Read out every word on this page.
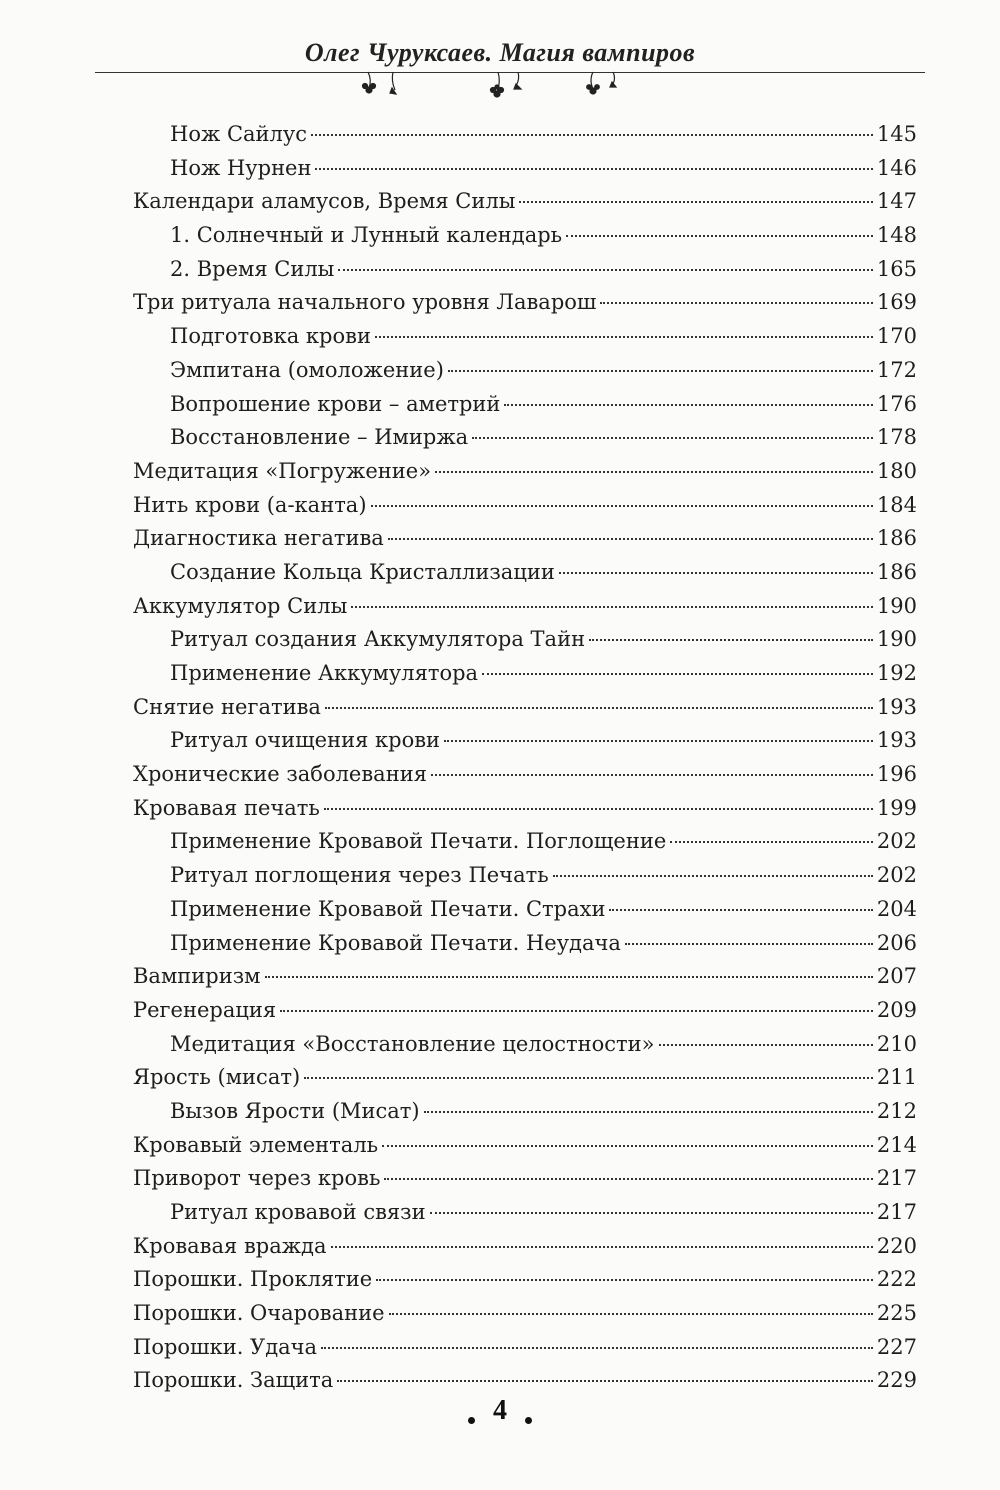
Олег Чуруксаев. Магия вампиров
Нож Сайлус	145
Нож Нурнен	146
Календари аламусов, Время Силы	147
1. Солнечный и Лунный календарь	148
2. Время Силы	165
Три ритуала начального уровня Лаварош	169
Подготовка крови	170
Эмпитана (омоложение)	172
Вопрошение крови – аметрий	176
Восстановление – Имиржа	178
Медитация «Погружение»	180
Нить крови (а-канта)	184
Диагностика негатива	186
Создание Кольца Кристаллизации	186
Аккумулятор Силы	190
Ритуал создания Аккумулятора Тайн	190
Применение Аккумулятора	192
Снятие негатива	193
Ритуал очищения крови	193
Хронические заболевания	196
Кровавая печать	199
Применение Кровавой Печати. Поглощение	202
Ритуал поглощения через Печать	202
Применение Кровавой Печати. Страхи	204
Применение Кровавой Печати. Неудача	206
Вампиризм	207
Регенерация	209
Медитация «Восстановление целостности»	210
Ярость (мисат)	211
Вызов Ярости (Мисат)	212
Кровавый элементаль	214
Приворот через кровь	217
Ритуал кровавой связи	217
Кровавая вражда	220
Порошки. Проклятие	222
Порошки. Очарование	225
Порошки. Удача	227
Порошки. Защита	229
4
